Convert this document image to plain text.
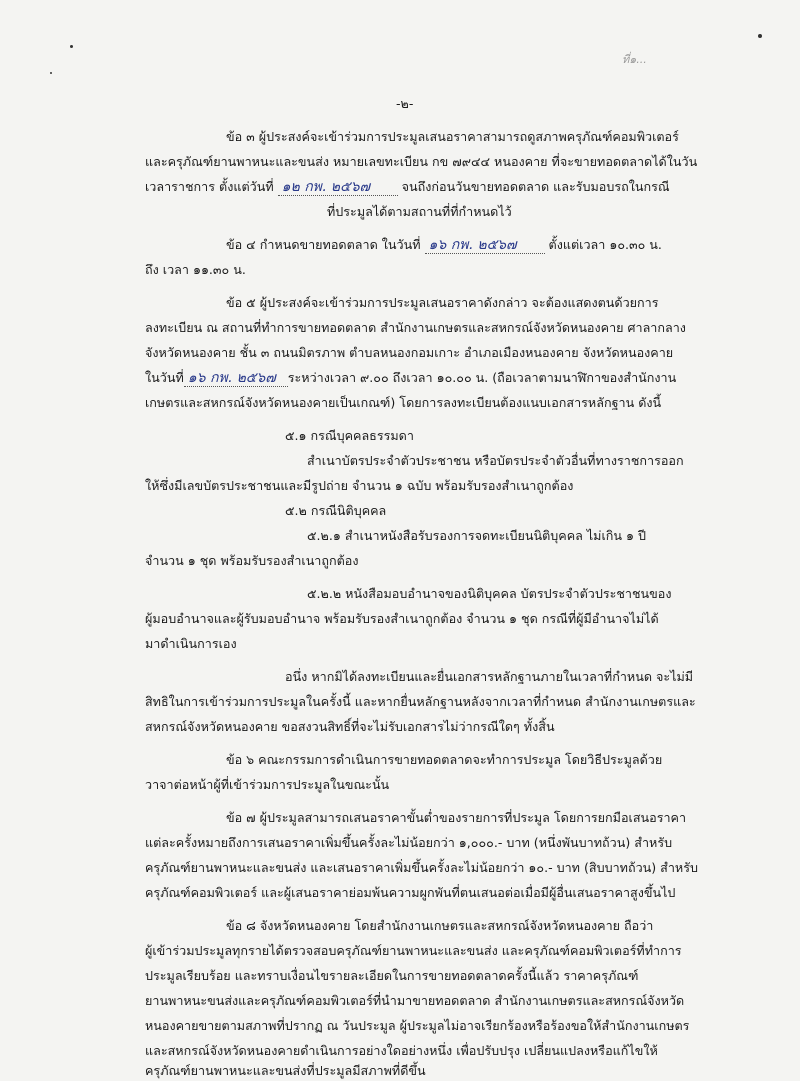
ที่๑...
-๒-
ข้อ ๓ ผู้ประสงค์จะเข้าร่วมการประมูลเสนอราคาสามารถดูสภาพครุภัณฑ์คอมพิวเตอร์
และครุภัณฑ์ยานพาหนะและขนส่ง หมายเลขทะเบียน กข ๗๙๔๔ หนองคาย ที่จะขายทอดตลาดได้ในวัน
เวลาราชการ ตั้งแต่วันที่ ๑๒ กพ. ๒๕๖๗	จนถึงก่อนวันขายทอดตลาด และรับมอบรถในกรณี
ที่ประมูลได้ตามสถานที่ที่กำหนดไว้
ข้อ ๔ กำหนดขายทอดตลาด ในวันที่ ๑๖ กพ. ๒๕๖๗	ตั้งแต่เวลา ๑๐.๓๐ น.
ถึง เวลา ๑๑.๓๐ น.
ข้อ ๕ ผู้ประสงค์จะเข้าร่วมการประมูลเสนอราคาดังกล่าว จะต้องแสดงตนด้วยการ
ลงทะเบียน ณ สถานที่ทำการขายทอดตลาด สำนักงานเกษตรและสหกรณ์จังหวัดหนองคาย ศาลากลาง
จังหวัดหนองคาย ชั้น ๓ ถนนมิตรภาพ ตำบลหนองกอมเกาะ อำเภอเมืองหนองคาย จังหวัดหนองคาย
ในวันที่ ๑๖ กพ. ๒๕๖๗ ระหว่างเวลา ๙.๐๐ ถึงเวลา ๑๐.๐๐ น. (ถือเวลาตามนาฬิกาของสำนักงาน
เกษตรและสหกรณ์จังหวัดหนองคายเป็นเกณฑ์) โดยการลงทะเบียนต้องแนบเอกสารหลักฐาน ดังนี้
๕.๑ กรณีบุคคลธรรมดา
สำเนาบัตรประจำตัวประชาชน หรือบัตรประจำตัวอื่นที่ทางราชการออก
ให้ซึ่งมีเลขบัตรประชาชนและมีรูปถ่าย จำนวน ๑ ฉบับ พร้อมรับรองสำเนาถูกต้อง
๕.๒ กรณีนิติบุคคล
๕.๒.๑ สำเนาหนังสือรับรองการจดทะเบียนนิติบุคคล ไม่เกิน ๑ ปี
จำนวน ๑ ชุด พร้อมรับรองสำเนาถูกต้อง
๕.๒.๒ หนังสือมอบอำนาจของนิติบุคคล บัตรประจำตัวประชาชนของ
ผู้มอบอำนาจและผู้รับมอบอำนาจ พร้อมรับรองสำเนาถูกต้อง จำนวน ๑ ชุด กรณีที่ผู้มีอำนาจไม่ได้
มาดำเนินการเอง
อนึ่ง หากมิได้ลงทะเบียนและยื่นเอกสารหลักฐานภายในเวลาที่กำหนด จะไม่มี
สิทธิในการเข้าร่วมการประมูลในครั้งนี้ และหากยื่นหลักฐานหลังจากเวลาที่กำหนด สำนักงานเกษตรและ
สหกรณ์จังหวัดหนองคาย ขอสงวนสิทธิ์ที่จะไม่รับเอกสารไม่ว่ากรณีใดๆ ทั้งสิ้น
ข้อ ๖ คณะกรรมการดำเนินการขายทอดตลาดจะทำการประมูล โดยวิธีประมูลด้วย
วาจาต่อหน้าผู้ที่เข้าร่วมการประมูลในขณะนั้น
ข้อ ๗ ผู้ประมูลสามารถเสนอราคาขั้นต่ำของรายการที่ประมูล โดยการยกมือเสนอราคา
แต่ละครั้งหมายถึงการเสนอราคาเพิ่มขึ้นครั้งละไม่น้อยกว่า ๑,๐๐๐.- บาท (หนึ่งพันบาทถ้วน) สำหรับ
ครุภัณฑ์ยานพาหนะและขนส่ง และเสนอราคาเพิ่มขึ้นครั้งละไม่น้อยกว่า ๑๐.- บาท (สิบบาทถ้วน) สำหรับ
ครุภัณฑ์คอมพิวเตอร์ และผู้เสนอราคาย่อมพ้นความผูกพันที่ตนเสนอต่อเมื่อมีผู้อื่นเสนอราคาสูงขึ้นไป
ข้อ ๘ จังหวัดหนองคาย โดยสำนักงานเกษตรและสหกรณ์จังหวัดหนองคาย ถือว่า
ผู้เข้าร่วมประมูลทุกรายได้ตรวจสอบครุภัณฑ์ยานพาหนะและขนส่ง และครุภัณฑ์คอมพิวเตอร์ที่ทำการ
ประมูลเรียบร้อย และทราบเงื่อนไขรายละเอียดในการขายทอดตลาดครั้งนี้แล้ว ราคาครุภัณฑ์
ยานพาหนะขนส่งและครุภัณฑ์คอมพิวเตอร์ที่นำมาขายทอดตลาด สำนักงานเกษตรและสหกรณ์จังหวัด
หนองคายขายตามสภาพที่ปรากฏ ณ วันประมูล ผู้ประมูลไม่อาจเรียกร้องหรือร้องขอให้สำนักงานเกษตร
และสหกรณ์จังหวัดหนองคายดำเนินการอย่างใดอย่างหนึ่ง เพื่อปรับปรุง เปลี่ยนแปลงหรือแก้ไขให้
ครุภัณฑ์ยานพาหนะและขนส่งที่ประมูลมีสภาพที่ดีขึ้น
